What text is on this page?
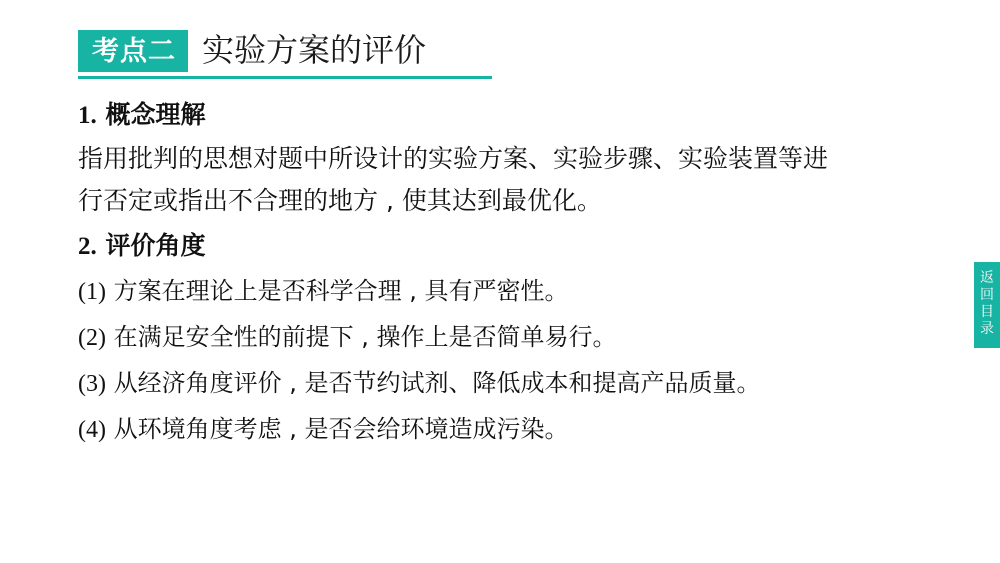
考点二 实验方案的评价
1. 概念理解

指用批判的思想对题中所设计的实验方案、实验步骤、实验装置等进

行否定或指出不合理的地方 , 使其达到最优化。

2. 评价角度
(1) 方案在理论上是否科学合理 , 具有严密性。
(2) 在满足安全性的前提下 , 操作上是否简单易行。
(3) 从经济角度评价 , 是否节约试剂、降低成本和提高产品质量。
(4) 从环境角度考虑 , 是否会给环境造成污染。
返
回
目
录
